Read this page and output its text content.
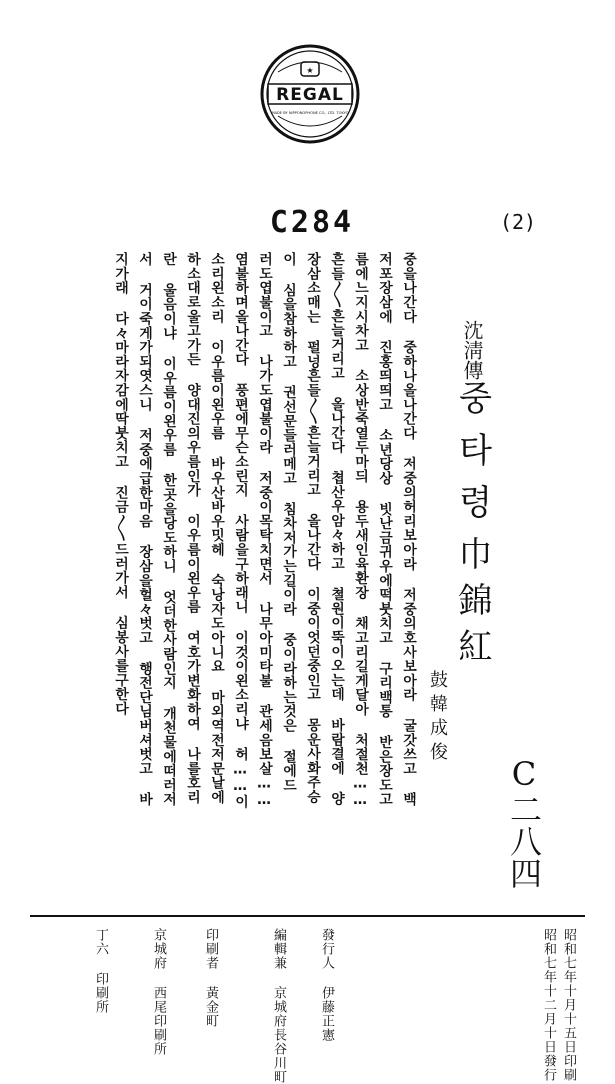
★
REGAL
MADE BY NIPPONOPHONE CO., LTD. TOKYO
C284	(2)
C二八四
沈淸傳중타령巾錦紅
鼓韓成俊
중을나간다 중하나올나간다 저중의허리보아라 저중의호사보아라 굴갓쓰고 백
저포장삼에 진홍띄띄고 소년당상 빗난금귀우에떡붓치고 구리백통 반은장도고
름에느지시차고 소상반죽열두마듸 용두새인육환장 채고리길게달아 처절천……
흔들〳〵흔늘거리고 올나간다 쳡산우암々하고 쳘원이뚝이오는데 바람결에 양
장삼소매는 펄넝흔들〳〵흔늘거리고 올나간다 이중이엇던중인고 몽운사화주승
이 심을참하하고 권선문들러메고 침차저가는길이라 중이라하는것은 절에드
러도엽불이고 나가도엽불이라 저중이목탁치면서 나무아미타불 관세음보살……
염불하며올나간다 풍편에무슨소린지 사람을구하래니 이것이왼소리냐 허……이
소리왼소리 이우름이왼우름 바우산바우밋헤 숙낭자도아니요 마외역전저문날에
하소대로울고가든 양대진의우름인가 이우름이왼우름 여호가변화하여 나를호리
란 울음이냐 이우름이왼우름 한곳을당도하니 엇더한사람인지 개천물에떠러저
서 거이죽게가되엿스니 저중에급한마음 장삼을헐々벗고 행전단님버셔벗고 바
지가래 다々마라자감에딱붓치고 진금〳〵드러가서 심봉사를구한다
昭和七年十月十五日印刷
昭和七年十二月十日發行
發行人 伊藤正憲
編輯兼 京城府長谷川町
印刷者 黃金町
京城府 西尾印刷所
丁六 印刷所
